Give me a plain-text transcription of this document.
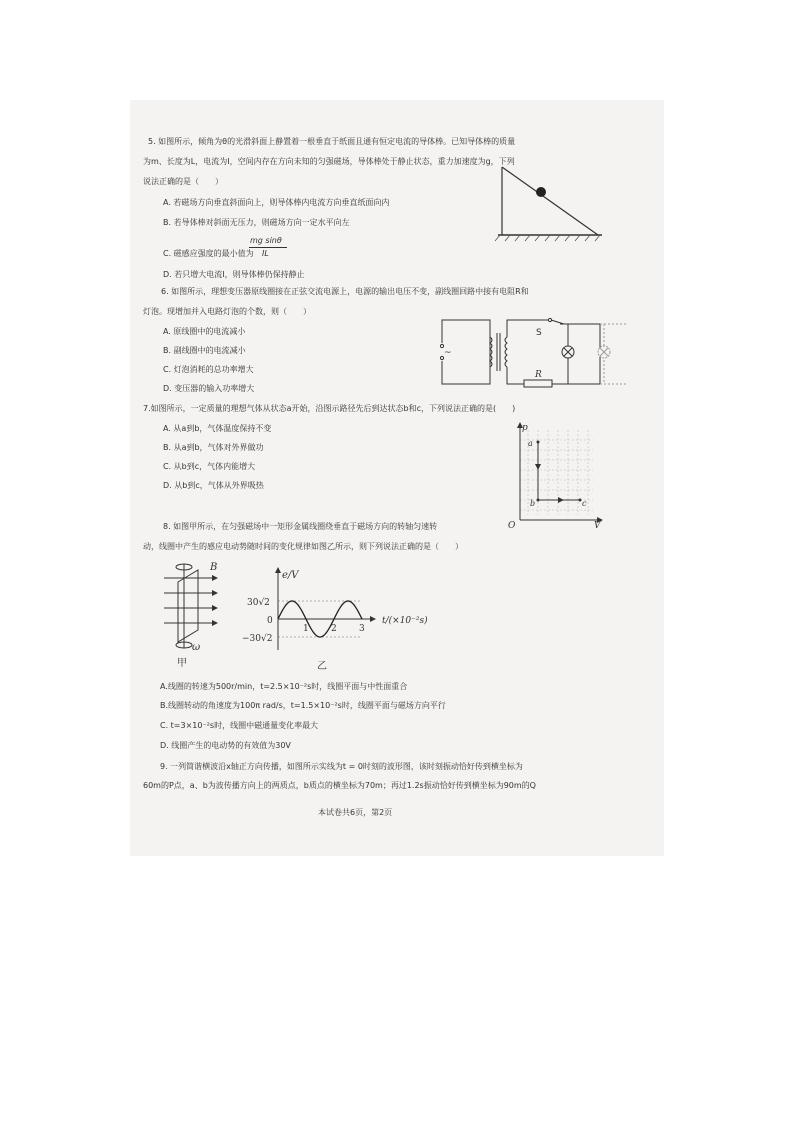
5. 如图所示，倾角为θ的光滑斜面上静置着一根垂直于纸面且通有恒定电流的导体棒。已知导体棒的质量
为m、长度为L，电流为I，空间内存在方向未知的匀强磁场，导体棒处于静止状态，重力加速度为g，下列
说法正确的是（　　）
A. 若磁场方向垂直斜面向上，则导体棒内电流方向垂直纸面向内
B. 若导体棒对斜面无压力，则磁场方向一定水平向左
C. 磁感应强度的最小值为
mg sinθ
IL
D. 若只增大电流I，则导体棒仍保持静止
6. 如图所示，理想变压器原线圈接在正弦交流电源上，电源的输出电压不变，副线圈回路中接有电阻R和
灯泡。现增加并入电路灯泡的个数，则（　　）
A. 原线圈中的电流减小
B. 副线圈中的电流减小
C. 灯泡消耗的总功率增大
D. 变压器的输入功率增大
~
S
R
7.如图所示，一定质量的理想气体从状态a开始，沿图示路径先后到达状态b和c，下列说法正确的是(　　)
A. 从a到b，气体温度保持不变
B. 从a到b，气体对外界做功
C. 从b到c，气体内能增大
D. 从b到c，气体从外界吸热
p
V
O
a
b	c
8. 如图甲所示，在匀强磁场中一矩形金属线圈绕垂直于磁场方向的转轴匀速转
动，线圈中产生的感应电动势随时间的变化规律如图乙所示，则下列说法正确的是（　　）
B
ω
甲
e/V
t/(×10⁻²s)
30√2
0
−30√2
1 2 3
乙
A.线圈的转速为500r/min，t=2.5×10⁻²s时，线圈平面与中性面重合
B.线圈转动的角速度为100π rad/s，t=1.5×10⁻²s时，线圈平面与磁场方向平行
C. t=3×10⁻²s时，线圈中磁通量变化率最大
D. 线圈产生的电动势的有效值为30V
9. 一列简谐横波沿x轴正方向传播，如图所示实线为t = 0时刻的波形图，该时刻振动恰好传到横坐标为
60m的P点，a、b为波传播方向上的两质点，b质点的横坐标为70m；再过1.2s振动恰好传到横坐标为90m的Q
本试卷共6页，第2页
